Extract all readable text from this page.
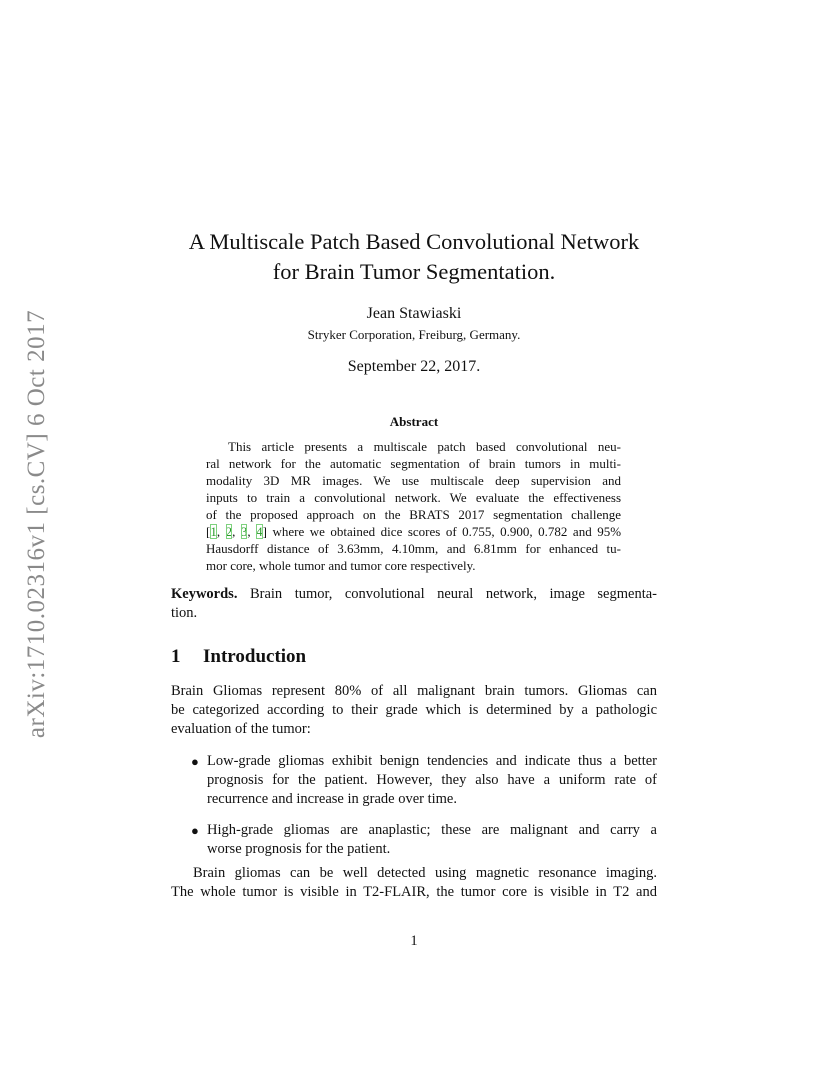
arXiv:1710.02316v1 [cs.CV] 6 Oct 2017
A Multiscale Patch Based Convolutional Network
for Brain Tumor Segmentation.
Jean Stawiaski
Stryker Corporation, Freiburg, Germany.
September 22, 2017.
Abstract
This article presents a multiscale patch based convolutional neu-
ral network for the automatic segmentation of brain tumors in multi-
modality 3D MR images. We use multiscale deep supervision and
inputs to train a convolutional network. We evaluate the effectiveness
of the proposed approach on the BRATS 2017 segmentation challenge
[1, 2, 3, 4] where we obtained dice scores of 0.755, 0.900, 0.782 and 95%
Hausdorff distance of 3.63mm, 4.10mm, and 6.81mm for enhanced tu-
mor core, whole tumor and tumor core respectively.
Keywords. Brain tumor, convolutional neural network, image segmenta-
tion.
1 Introduction
Brain Gliomas represent 80% of all malignant brain tumors. Gliomas can
be categorized according to their grade which is determined by a pathologic
evaluation of the tumor:
● Low-grade gliomas exhibit benign tendencies and indicate thus a better
prognosis for the patient. However, they also have a uniform rate of
recurrence and increase in grade over time.
● High-grade gliomas are anaplastic; these are malignant and carry a
worse prognosis for the patient.
Brain gliomas can be well detected using magnetic resonance imaging.
The whole tumor is visible in T2-FLAIR, the tumor core is visible in T2 and
1
